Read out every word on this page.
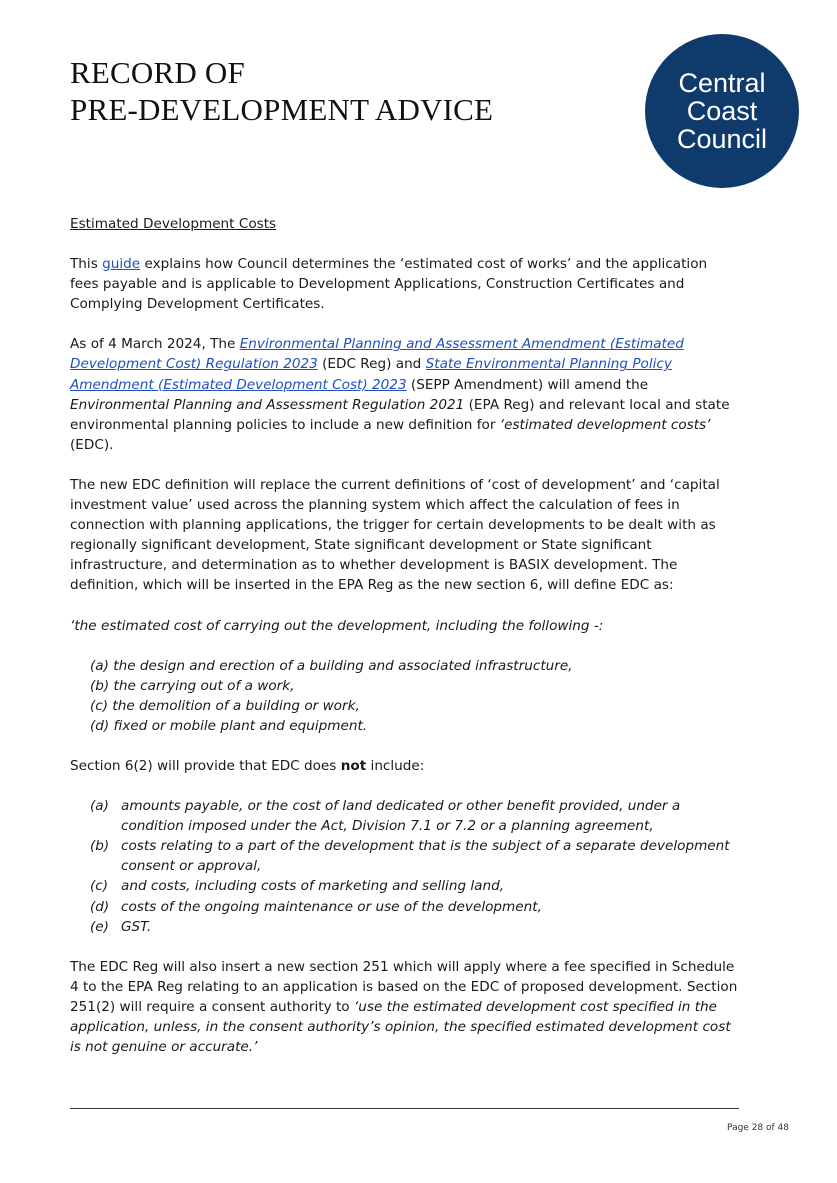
RECORD OF
PRE-DEVELOPMENT ADVICE
Central
Coast
Council

Estimated Development Costs

This guide explains how Council determines the ‘estimated cost of works’ and the application fees payable and is applicable to Development Applications, Construction Certificates and Complying Development Certificates.

As of 4 March 2024, The Environmental Planning and Assessment Amendment (Estimated Development Cost) Regulation 2023 (EDC Reg) and State Environmental Planning Policy Amendment (Estimated Development Cost) 2023 (SEPP Amendment) will amend the Environmental Planning and Assessment Regulation 2021 (EPA Reg) and relevant local and state environmental planning policies to include a new definition for ‘estimated development costs’ (EDC).

The new EDC definition will replace the current definitions of ‘cost of development’ and ‘capital investment value’ used across the planning system which affect the calculation of fees in connection with planning applications, the trigger for certain developments to be dealt with as regionally significant development, State significant development or State significant infrastructure, and determination as to whether development is BASIX development. The definition, which will be inserted in the EPA Reg as the new section 6, will define EDC as:

‘the estimated cost of carrying out the development, including the following -:

(a) the design and erection of a building and associated infrastructure,
(b) the carrying out of a work,
(c) the demolition of a building or work,
(d) fixed or mobile plant and equipment.

Section 6(2) will provide that EDC does not include:

(a) amounts payable, or the cost of land dedicated or other benefit provided, under a condition imposed under the Act, Division 7.1 or 7.2 or a planning agreement,
(b) costs relating to a part of the development that is the subject of a separate development consent or approval,
(c) and costs, including costs of marketing and selling land,
(d) costs of the ongoing maintenance or use of the development,
(e) GST.

The EDC Reg will also insert a new section 251 which will apply where a fee specified in Schedule 4 to the EPA Reg relating to an application is based on the EDC of proposed development. Section 251(2) will require a consent authority to ‘use the estimated development cost specified in the application, unless, in the consent authority’s opinion, the specified estimated development cost is not genuine or accurate.’

Page 28 of 48
